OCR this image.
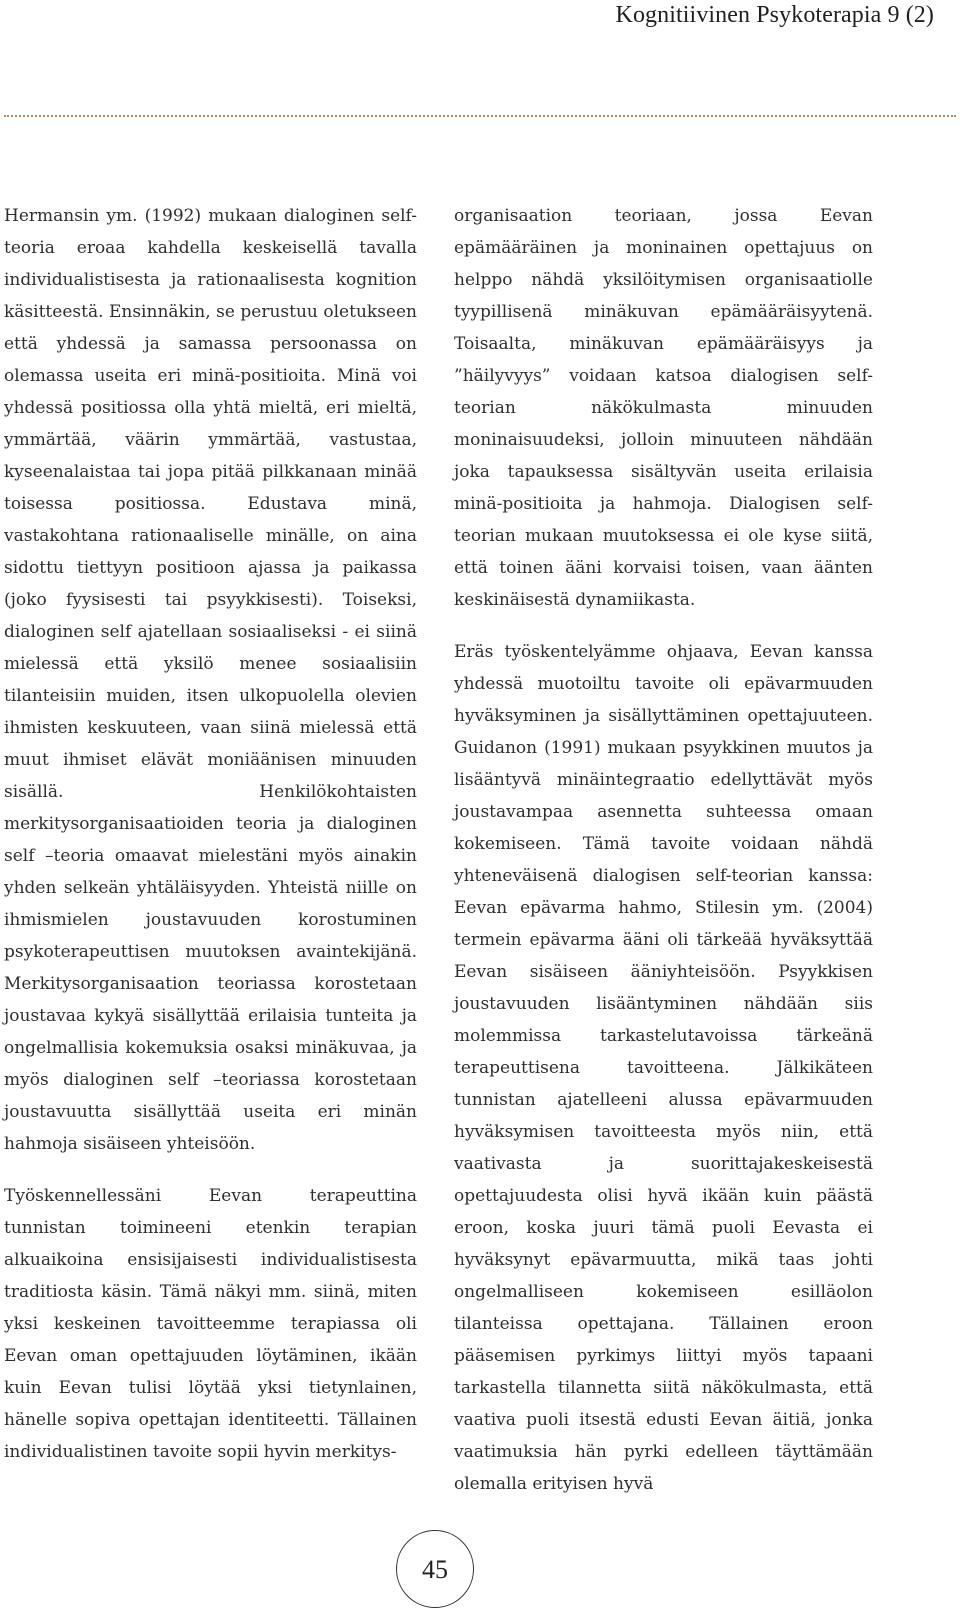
Kognitiivinen Psykoterapia 9 (2)

Hermansin ym. (1992) mukaan dialoginen self-teoria eroaa kahdella keskeisellä tavalla individualistisesta ja rationaalisesta kognition käsitteestä. Ensinnäkin, se perustuu oletukseen että yhdessä ja samassa persoonassa on olemassa useita eri minä-positioita. Minä voi yhdessä positiossa olla yhtä mieltä, eri mieltä, ymmärtää, väärin ymmärtää, vastustaa, kyseenalaistaa tai jopa pitää pilkkanaan minää toisessa positiossa. Edustava minä, vastakohtana rationaaliselle minälle, on aina sidottu tiettyyn positioon ajassa ja paikassa (joko fyysisesti tai psyykkisesti). Toiseksi, dialoginen self ajatellaan sosiaaliseksi - ei siinä mielessä että yksilö menee sosiaalisiin tilanteisiin muiden, itsen ulkopuolella olevien ihmisten keskuuteen, vaan siinä mielessä että muut ihmiset elävät moniäänisen minuuden sisällä. Henkilökohtaisten merkitysorganisaatioiden teoria ja dialoginen self –teoria omaavat mielestäni myös ainakin yhden selkeän yhtäläisyyden. Yhteistä niille on ihmismielen joustavuuden korostuminen psykoterapeuttisen muutoksen avaintekijänä. Merkitysorganisaation teoriassa korostetaan joustavaa kykyä sisällyttää erilaisia tunteita ja ongelmallisia kokemuksia osaksi minäkuvaa, ja myös dialoginen self –teoriassa korostetaan joustavuutta sisällyttää useita eri minän hahmoja sisäiseen yhteisöön.

Työskennellessäni Eevan terapeuttina tunnistan toimineeni etenkin terapian alkuaikoina ensisijaisesti individualistisesta traditiosta käsin. Tämä näkyi mm. siinä, miten yksi keskeinen tavoitteemme terapiassa oli Eevan oman opettajuuden löytäminen, ikään kuin Eevan tulisi löytää yksi tietynlainen, hänelle sopiva opettajan identiteetti. Tällainen individualistinen tavoite sopii hyvin merkitys-

organisaation teoriaan, jossa Eevan epämääräinen ja moninainen opettajuus on helppo nähdä yksilöitymisen organisaatiolle tyypillisenä minäkuvan epämääräisyytenä. Toisaalta, minäkuvan epämääräisyys ja ”häilyvyys” voidaan katsoa dialogisen self-teorian näkökulmasta minuuden moninaisuudeksi, jolloin minuuteen nähdään joka tapauksessa sisältyvän useita erilaisia minä-positioita ja hahmoja. Dialogisen self-teorian mukaan muutoksessa ei ole kyse siitä, että toinen ääni korvaisi toisen, vaan äänten keskinäisestä dynamiikasta.

Eräs työskentelyämme ohjaava, Eevan kanssa yhdessä muotoiltu tavoite oli epävarmuuden hyväksyminen ja sisällyttäminen opettajuuteen. Guidanon (1991) mukaan psyykkinen muutos ja lisääntyvä minäintegraatio edellyttävät myös joustavampaa asennetta suhteessa omaan kokemiseen. Tämä tavoite voidaan nähdä yhteneväisenä dialogisen self-teorian kanssa: Eevan epävarma hahmo, Stilesin ym. (2004) termein epävarma ääni oli tärkeää hyväksyttää Eevan sisäiseen ääniyhteisöön. Psyykkisen joustavuuden lisääntyminen nähdään siis molemmissa tarkastelutavoissa tärkeänä terapeuttisena tavoitteena. Jälkikäteen tunnistan ajatelleeni alussa epävarmuuden hyväksymisen tavoitteesta myös niin, että vaativasta ja suorittajakeskeisestä opettajuudesta olisi hyvä ikään kuin päästä eroon, koska juuri tämä puoli Eevasta ei hyväksynyt epävarmuutta, mikä taas johti ongelmalliseen kokemiseen esilläolon tilanteissa opettajana. Tällainen eroon pääsemisen pyrkimys liittyi myös tapaani tarkastella tilannetta siitä näkökulmasta, että vaativa puoli itsestä edusti Eevan äitiä, jonka vaatimuksia hän pyrki edelleen täyttämään olemalla erityisen hyvä

45
